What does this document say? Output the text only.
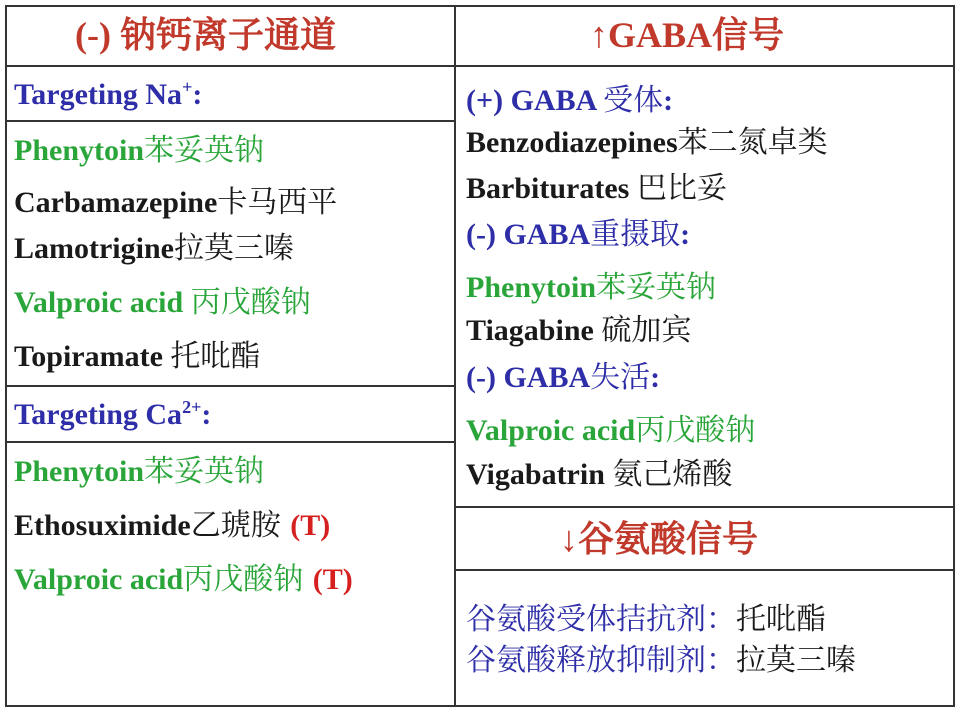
(-) 钠钙离子通道	↑GABA信号
Targeting Na+:
Phenytoin苯妥英钠
Carbamazepine卡马西平
Lamotrigine拉莫三嗪
Valproic acid 丙戊酸钠
Topiramate 托吡酯
Targeting $Ca^{2+}$:
Phenytoin苯妥英钠
Ethosuximide乙琥胺 (T)
Valproic acid丙戊酸钠 (T)
(+) GABA 受体:
Benzodiazepines苯二氮卓类
Barbiturates 巴比妥
(-) GABA重摄取:
Phenytoin苯妥英钠
Tiagabine 硫加宾
(-) GABA失活:
Valproic acid丙戊酸钠
Vigabatrin 氨己烯酸
↓谷氨酸信号
谷氨酸受体拮抗剂：托吡酯
谷氨酸释放抑制剂：拉莫三嗪
